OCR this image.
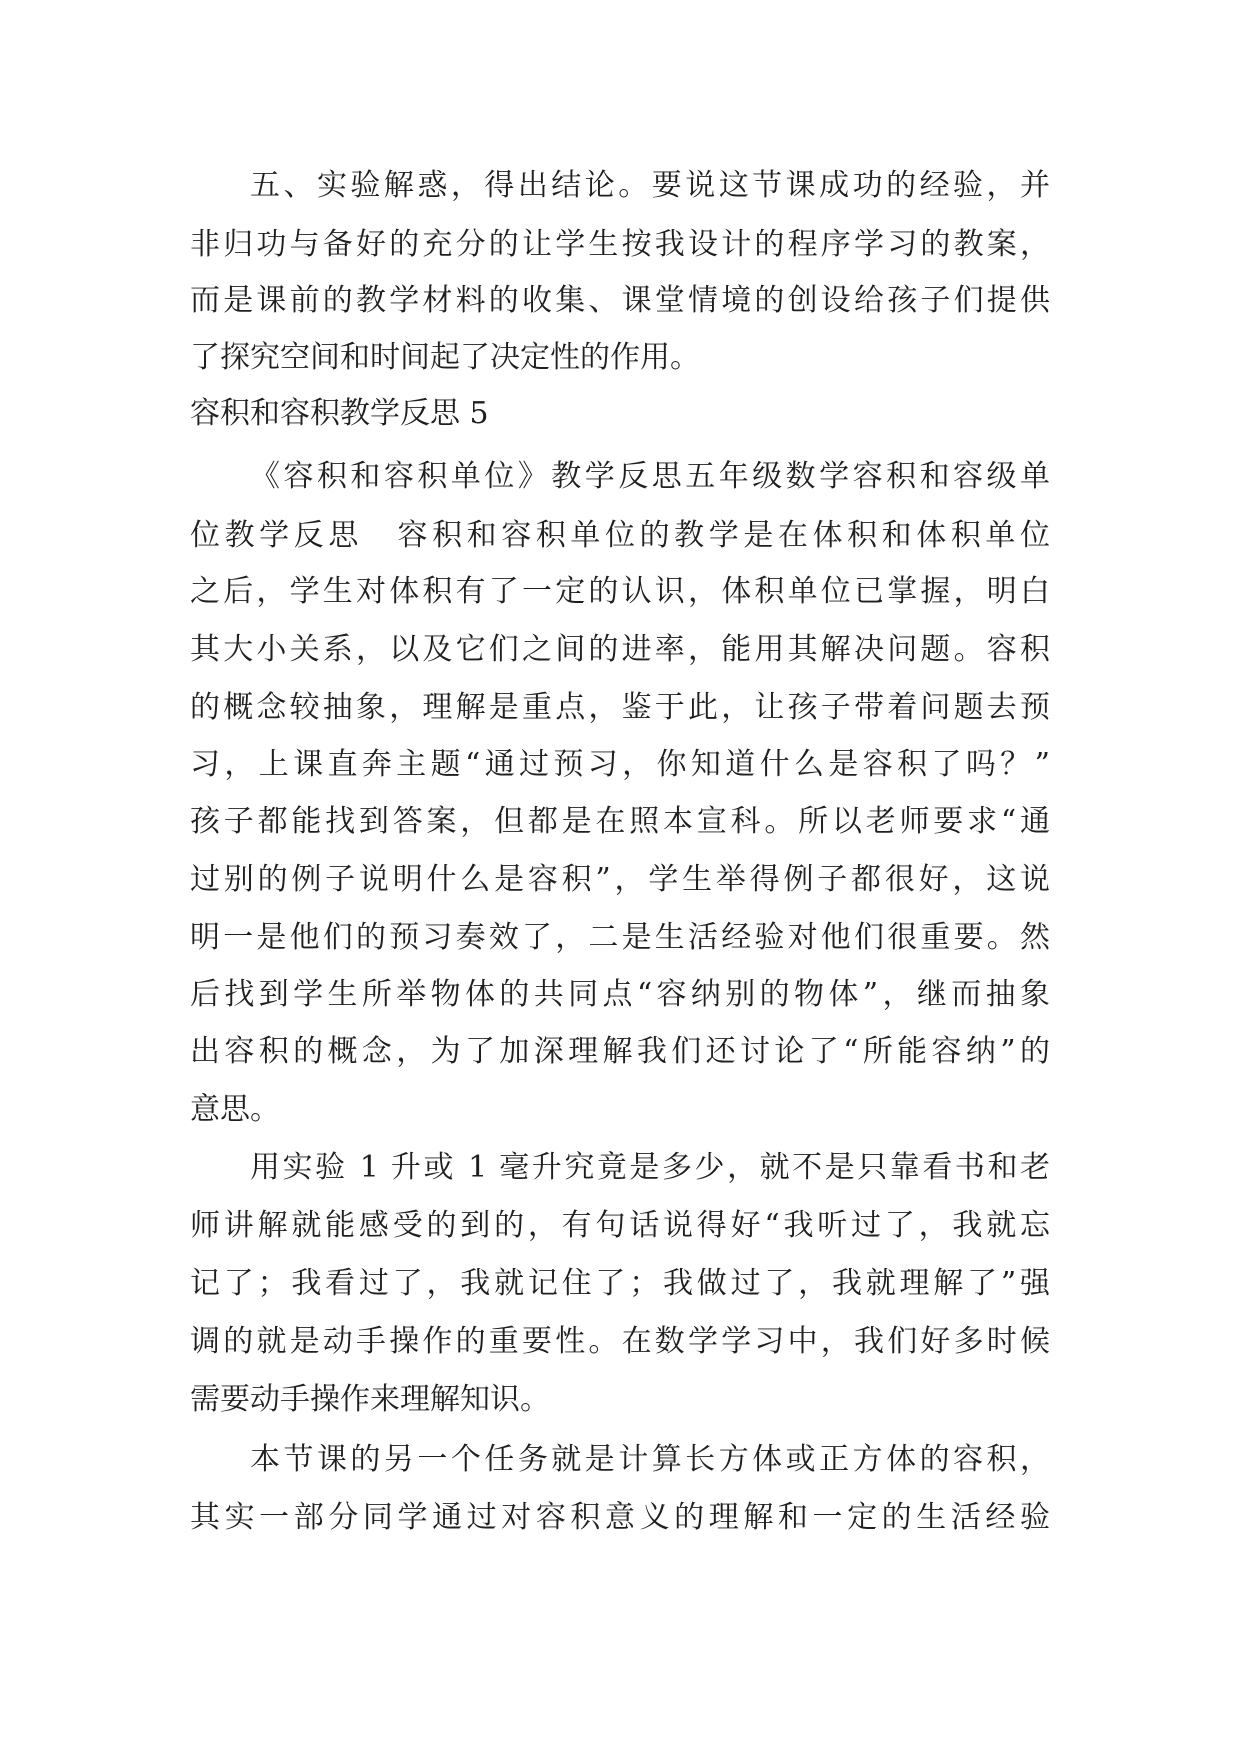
五、实验解惑，得出结论。要说这节课成功的经验，并
非归功与备好的充分的让学生按我设计的程序学习的教案，
而是课前的教学材料的收集、课堂情境的创设给孩子们提供
了探究空间和时间起了决定性的作用。
容积和容积教学反思 5
《容积和容积单位》教学反思五年级数学容积和容级单
位教学反思　容积和容积单位的教学是在体积和体积单位
之后，学生对体积有了一定的认识，体积单位已掌握，明白
其大小关系，以及它们之间的进率，能用其解决问题。容积
的概念较抽象，理解是重点，鉴于此，让孩子带着问题去预
习，上课直奔主题“通过预习，你知道什么是容积了吗？”
孩子都能找到答案，但都是在照本宣科。所以老师要求“通
过别的例子说明什么是容积”，学生举得例子都很好，这说
明一是他们的预习奏效了，二是生活经验对他们很重要。然
后找到学生所举物体的共同点“容纳别的物体”，继而抽象
出容积的概念，为了加深理解我们还讨论了“所能容纳”的
意思。
用实验 1 升或 1 毫升究竟是多少，就不是只靠看书和老
师讲解就能感受的到的，有句话说得好“我听过了，我就忘
记了；我看过了，我就记住了；我做过了，我就理解了”强
调的就是动手操作的重要性。在数学学习中，我们好多时候
需要动手操作来理解知识。
本节课的另一个任务就是计算长方体或正方体的容积，
其实一部分同学通过对容积意义的理解和一定的生活经验
